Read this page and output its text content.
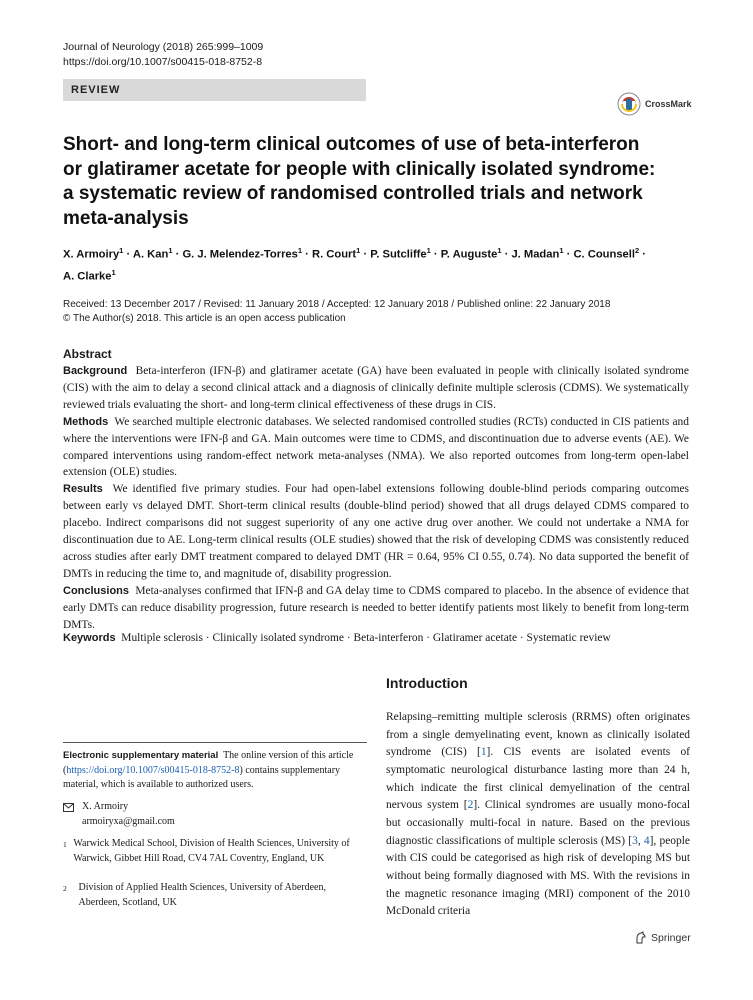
Journal of Neurology (2018) 265:999–1009
https://doi.org/10.1007/s00415-018-8752-8
REVIEW
CrossMark
Short- and long-term clinical outcomes of use of beta-interferon or glatiramer acetate for people with clinically isolated syndrome: a systematic review of randomised controlled trials and network meta-analysis
X. Armoiry$^1$ · A. Kan$^1$ · G. J. Melendez-Torres$^1$ · R. Court$^1$ · P. Sutcliffe$^1$ · P. Auguste$^1$ · J. Madan$^1$ · C. Counsell$^2$ ·
A. Clarke$^1$
Received: 13 December 2017 / Revised: 11 January 2018 / Accepted: 12 January 2018 / Published online: 22 January 2018
© The Author(s) 2018. This article is an open access publication
Abstract

Background Beta-interferon (IFN-β) and glatiramer acetate (GA) have been evaluated in people with clinically isolated syndrome (CIS) with the aim to delay a second clinical attack and a diagnosis of clinically definite multiple sclerosis (CDMS). We systematically reviewed trials evaluating the short- and long-term clinical effectiveness of these drugs in CIS.

Methods We searched multiple electronic databases. We selected randomised controlled studies (RCTs) conducted in CIS patients and where the interventions were IFN-β and GA. Main outcomes were time to CDMS, and discontinuation due to adverse events (AE). We compared interventions using random-effect network meta-analyses (NMA). We also reported outcomes from long-term open-label extension (OLE) studies.

Results We identified five primary studies. Four had open-label extensions following double-blind periods comparing outcomes between early vs delayed DMT. Short-term clinical results (double-blind period) showed that all drugs delayed CDMS compared to placebo. Indirect comparisons did not suggest superiority of any one active drug over another. We could not undertake a NMA for discontinuation due to AE. Long-term clinical results (OLE studies) showed that the risk of developing CDMS was consistently reduced across studies after early DMT treatment compared to delayed DMT (HR = 0.64, 95% CI 0.55, 0.74). No data supported the benefit of DMTs in reducing the time to, and magnitude of, disability progression.

Conclusions Meta-analyses confirmed that IFN-β and GA delay time to CDMS compared to placebo. In the absence of evidence that early DMTs can reduce disability progression, future research is needed to better identify patients most likely to benefit from long-term DMTs.

Keywords Multiple sclerosis · Clinically isolated syndrome · Beta-interferon · Glatiramer acetate · Systematic review
Introduction
Relapsing–remitting multiple sclerosis (RRMS) often originates from a single demyelinating event, known as clinically isolated syndrome (CIS) [1]. CIS events are isolated events of symptomatic neurological disturbance lasting more than 24 h, which indicate the first clinical demyelination of the central nervous system [2]. Clinical syndromes are usually mono-focal but occasionally multi-focal in nature. Based on the previous diagnostic classifications of multiple sclerosis (MS) [3, 4], people with CIS could be categorised as high risk of developing MS but without being formally diagnosed with MS. With the revisions in the magnetic resonance imaging (MRI) component of the 2010 McDonald criteria
Electronic supplementary material The online version of this article (https://doi.org/10.1007/s00415-018-8752-8) contains supplementary material, which is available to authorized users.
X. Armoiry
armoiryxa@gmail.com
1 Warwick Medical School, Division of Health Sciences, University of Warwick, Gibbet Hill Road, CV4 7AL Coventry, England, UK
2	Division of Applied Health Sciences, University of Aberdeen, Aberdeen, Scotland, UK
Springer
